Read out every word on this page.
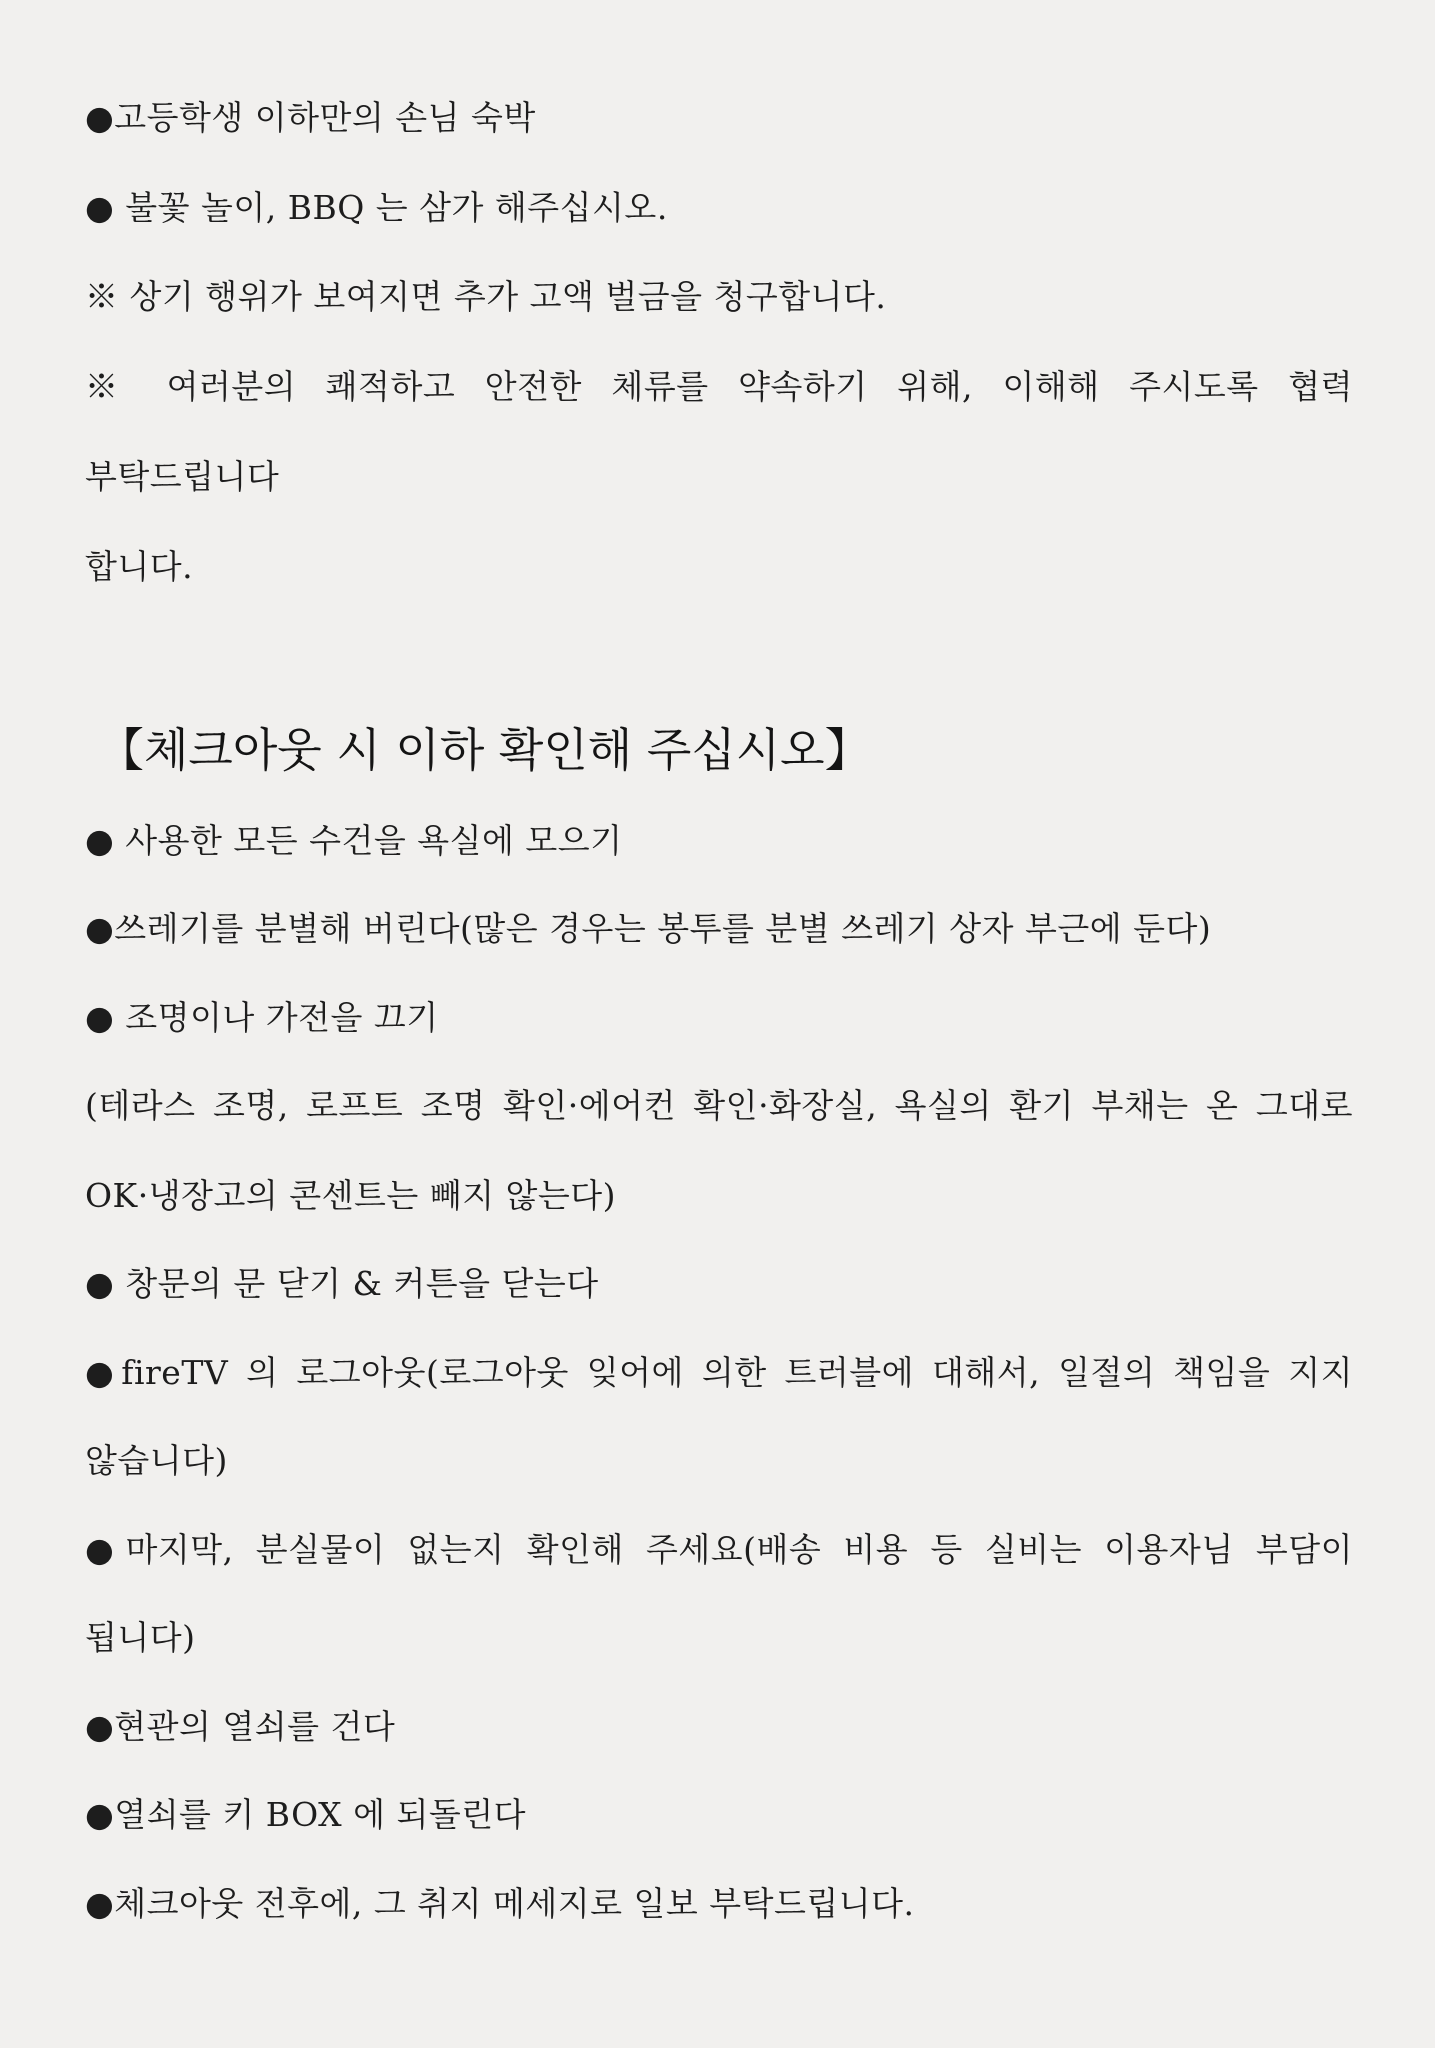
●고등학생 이하만의 손님 숙박
● 불꽃 놀이, BBQ 는 삼가 해주십시오.
※ 상기 행위가 보여지면 추가 고액 벌금을 청구합니다.
※ 여러분의 쾌적하고 안전한 체류를 약속하기 위해, 이해해 주시도록 협력
부탁드립니다
합니다.
【체크아웃 시 이하 확인해 주십시오】
● 사용한 모든 수건을 욕실에 모으기
●쓰레기를 분별해 버린다(많은 경우는 봉투를 분별 쓰레기 상자 부근에 둔다)
● 조명이나 가전을 끄기
(테라스 조명, 로프트 조명 확인·에어컨 확인·화장실, 욕실의 환기 부채는 온 그대로
OK·냉장고의 콘센트는 빼지 않는다)
● 창문의 문 닫기 & 커튼을 닫는다
●fireTV 의 로그아웃(로그아웃 잊어에 의한 트러블에 대해서, 일절의 책임을 지지
않습니다)
●마지막, 분실물이 없는지 확인해 주세요(배송 비용 등 실비는 이용자님 부담이
됩니다)
●현관의 열쇠를 건다
●열쇠를 키 BOX 에 되돌린다
●체크아웃 전후에, 그 취지 메세지로 일보 부탁드립니다.
